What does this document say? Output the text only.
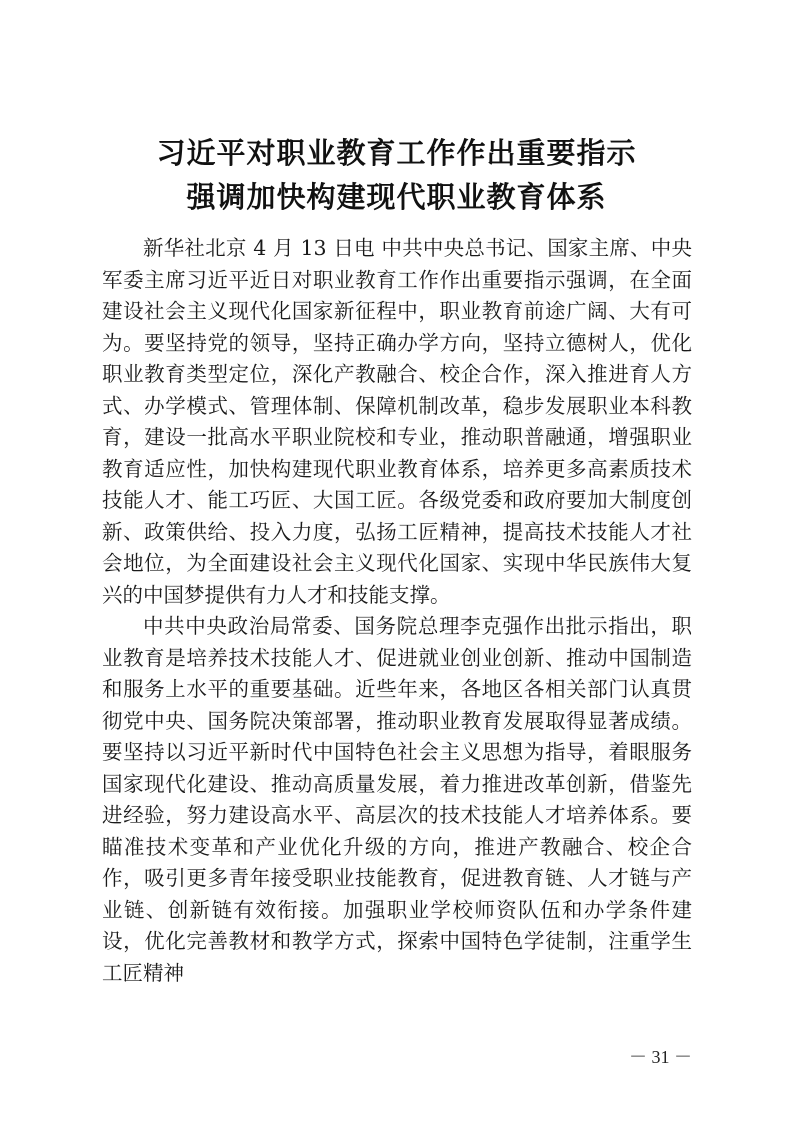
习近平对职业教育工作作出重要指示
强调加快构建现代职业教育体系

新华社北京 4 月 13 日电 中共中央总书记、国家主席、中央军委主席习近平近日对职业教育工作作出重要指示强调，在全面建设社会主义现代化国家新征程中，职业教育前途广阔、大有可为。要坚持党的领导，坚持正确办学方向，坚持立德树人，优化职业教育类型定位，深化产教融合、校企合作，深入推进育人方式、办学模式、管理体制、保障机制改革，稳步发展职业本科教育，建设一批高水平职业院校和专业，推动职普融通，增强职业教育适应性，加快构建现代职业教育体系，培养更多高素质技术技能人才、能工巧匠、大国工匠。各级党委和政府要加大制度创新、政策供给、投入力度，弘扬工匠精神，提高技术技能人才社会地位，为全面建设社会主义现代化国家、实现中华民族伟大复兴的中国梦提供有力人才和技能支撑。

中共中央政治局常委、国务院总理李克强作出批示指出，职业教育是培养技术技能人才、促进就业创业创新、推动中国制造和服务上水平的重要基础。近些年来，各地区各相关部门认真贯彻党中央、国务院决策部署，推动职业教育发展取得显著成绩。要坚持以习近平新时代中国特色社会主义思想为指导，着眼服务国家现代化建设、推动高质量发展，着力推进改革创新，借鉴先进经验，努力建设高水平、高层次的技术技能人才培养体系。要瞄准技术变革和产业优化升级的方向，推进产教融合、校企合作，吸引更多青年接受职业技能教育，促进教育链、人才链与产业链、创新链有效衔接。加强职业学校师资队伍和办学条件建设，优化完善教材和教学方式，探索中国特色学徒制，注重学生工匠精神

－ 31 －
